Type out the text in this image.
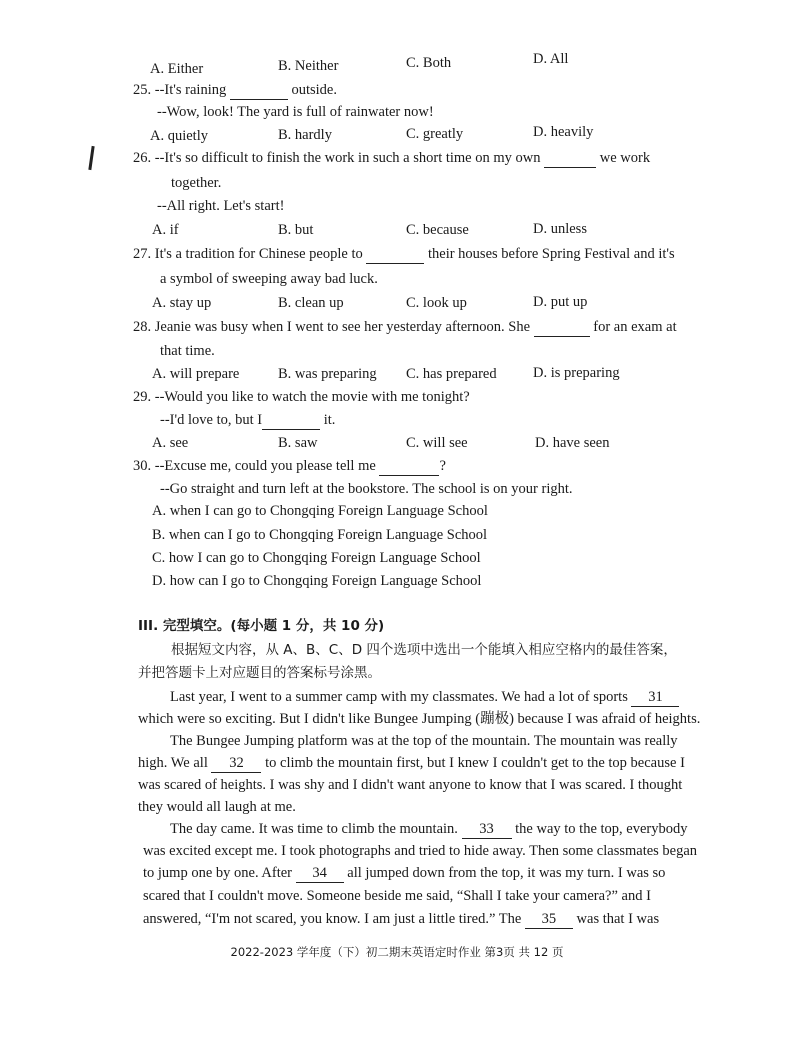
A. Either	B. Neither	C. Both	D. All
25. --It's raining	outside.
--Wow, look! The yard is full of rainwater now!
A. quietly	B. hardly	C. greatly	D. heavily
26. --It's so difficult to finish the work in such a short time on my own	we work
together.
--All right. Let's start!
A. if	B. but	C. because	D. unless
27. It's a tradition for Chinese people to	their houses before Spring Festival and it's
a symbol of sweeping away bad luck.
A. stay up	B. clean up	C. look up	D. put up
28. Jeanie was busy when I went to see her yesterday afternoon. She	for an exam at
that time.
A. will prepare	B. was preparing C. has prepared	D. is preparing
29. --Would you like to watch the movie with me tonight?
--I'd love to, but I	it.
A. see	B. saw	C. will see	D. have seen
30. --Excuse me, could you please tell me	?
--Go straight and turn left at the bookstore. The school is on your right.
A. when I can go to Chongqing Foreign Language School
B. when can I go to Chongqing Foreign Language School
C. how I can go to Chongqing Foreign Language School
D. how can I go to Chongqing Foreign Language School
III. 完型填空。(每小题 1 分，共 10 分)
根据短文内容，从 A、B、C、D 四个选项中选出一个能填入相应空格内的最佳答案，
并把答题卡上对应题目的答案标号涂黑。
Last year, I went to a summer camp with my classmates. We had a lot of sports 31
which were so exciting. But I didn't like Bungee Jumping (蹦极) because I was afraid of heights.
The Bungee Jumping platform was at the top of the mountain. The mountain was really
high. We all 32 to climb the mountain first, but I knew I couldn't get to the top because I
was scared of heights. I was shy and I didn't want anyone to know that I was scared. I thought
they would all laugh at me.
The day came. It was time to climb the mountain. 33 the way to the top, everybody
was excited except me. I took photographs and tried to hide away. Then some classmates began
to jump one by one. After 34 all jumped down from the top, it was my turn. I was so
scared that I couldn't move. Someone beside me said, “Shall I take your camera?” and I
answered, “I'm not scared, you know. I am just a little tired.” The 35 was that I was
2022-2023 学年度（下）初二期末英语定时作业 第3页 共 12 页
